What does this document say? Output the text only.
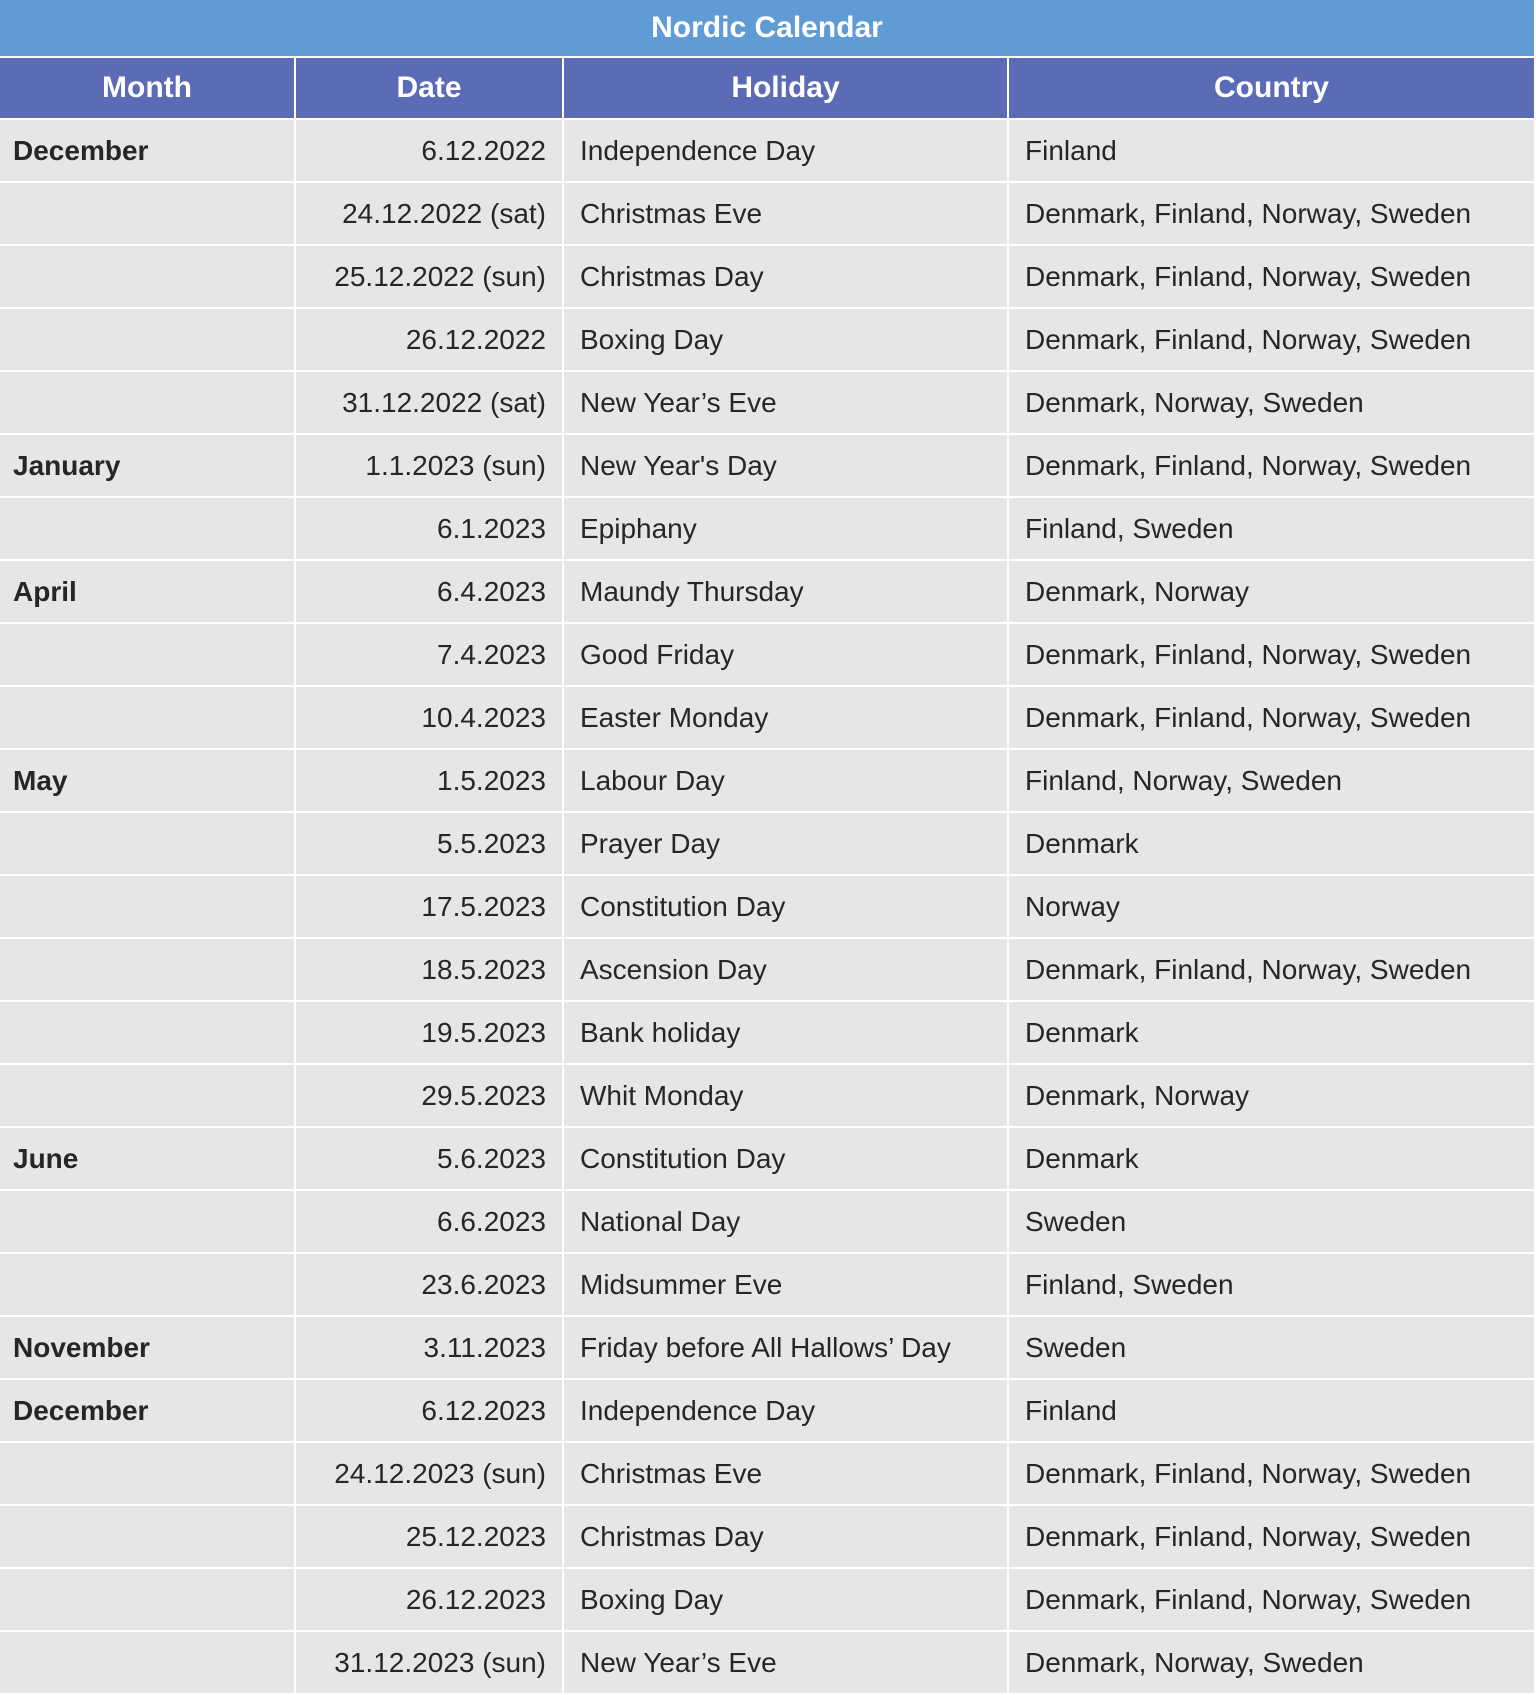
Nordic Calendar
Month	Date	Holiday	Country
December	6.12.2022	Independence Day	Finland
	24.12.2022 (sat)	Christmas Eve	Denmark, Finland, Norway, Sweden
	25.12.2022 (sun)	Christmas Day	Denmark, Finland, Norway, Sweden
	26.12.2022	Boxing Day	Denmark, Finland, Norway, Sweden
	31.12.2022 (sat)	New Year’s Eve	Denmark, Norway, Sweden
January	1.1.2023 (sun)	New Year's Day	Denmark, Finland, Norway, Sweden
	6.1.2023	Epiphany	Finland, Sweden
April	6.4.2023	Maundy Thursday	Denmark, Norway
	7.4.2023	Good Friday	Denmark, Finland, Norway, Sweden
	10.4.2023	Easter Monday	Denmark, Finland, Norway, Sweden
May	1.5.2023	Labour Day	Finland, Norway, Sweden
	5.5.2023	Prayer Day	Denmark
	17.5.2023	Constitution Day	Norway
	18.5.2023	Ascension Day	Denmark, Finland, Norway, Sweden
	19.5.2023	Bank holiday	Denmark
	29.5.2023	Whit Monday	Denmark, Norway
June	5.6.2023	Constitution Day	Denmark
	6.6.2023	National Day	Sweden
	23.6.2023	Midsummer Eve	Finland, Sweden
November	3.11.2023	Friday before All Hallows’ Day	Sweden
December	6.12.2023	Independence Day	Finland
	24.12.2023 (sun)	Christmas Eve	Denmark, Finland, Norway, Sweden
	25.12.2023	Christmas Day	Denmark, Finland, Norway, Sweden
	26.12.2023	Boxing Day	Denmark, Finland, Norway, Sweden
	31.12.2023 (sun)	New Year’s Eve	Denmark, Norway, Sweden
